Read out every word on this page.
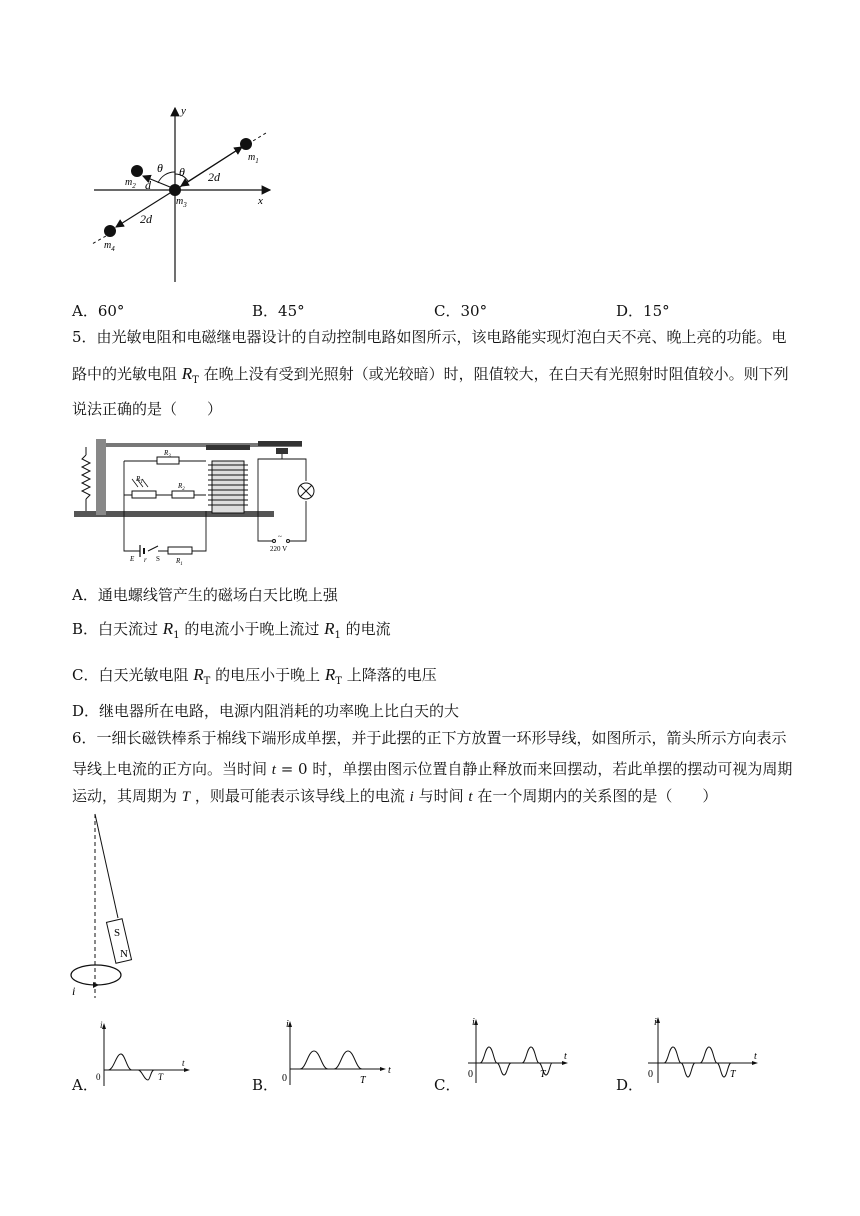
y
x
$m_1$
$m_2$
$m_3$
$m_4$
θ θ
d
2d
2d
A．60°	B．45°	C．30°	D．15°
5．由光敏电阻和电磁继电器设计的自动控制电路如图所示，该电路能实现灯泡白天不亮、晚上亮的功能。电
路中的光敏电阻 $R_T$ 在晚上没有受到光照射（或光较暗）时，阻值较大，在白天有光照射时阻值较小。则下列
说法正确的是（　　）
$R_3$
$R_T$	$R_2$
$R_1$
E r S
~
220 V
A．通电螺线管产生的磁场白天比晚上强
B．白天流过 $R_1$ 的电流小于晚上流过 $R_1$ 的电流
C．白天光敏电阻 $R_T$ 的电压小于晚上 $R_T$ 上降落的电压
D．继电器所在电路，电源内阻消耗的功率晚上比白天的大
6．一细长磁铁棒系于棉线下端形成单摆，并于此摆的正下方放置一环形导线，如图所示，箭头所示方向表示
导线上电流的正方向。当时间 t = 0 时，单摆由图示位置自静止释放而来回摆动，若此单摆的摆动可视为周期
运动，其周期为 T ，则最可能表示该导线上的电流 i 与时间 t 在一个周期内的关系图的是（　　）
S
N
i
A．
i
t
0	T	B．
i
t
0	T	C．
i
t
0	T
D．
i
t
0	T
